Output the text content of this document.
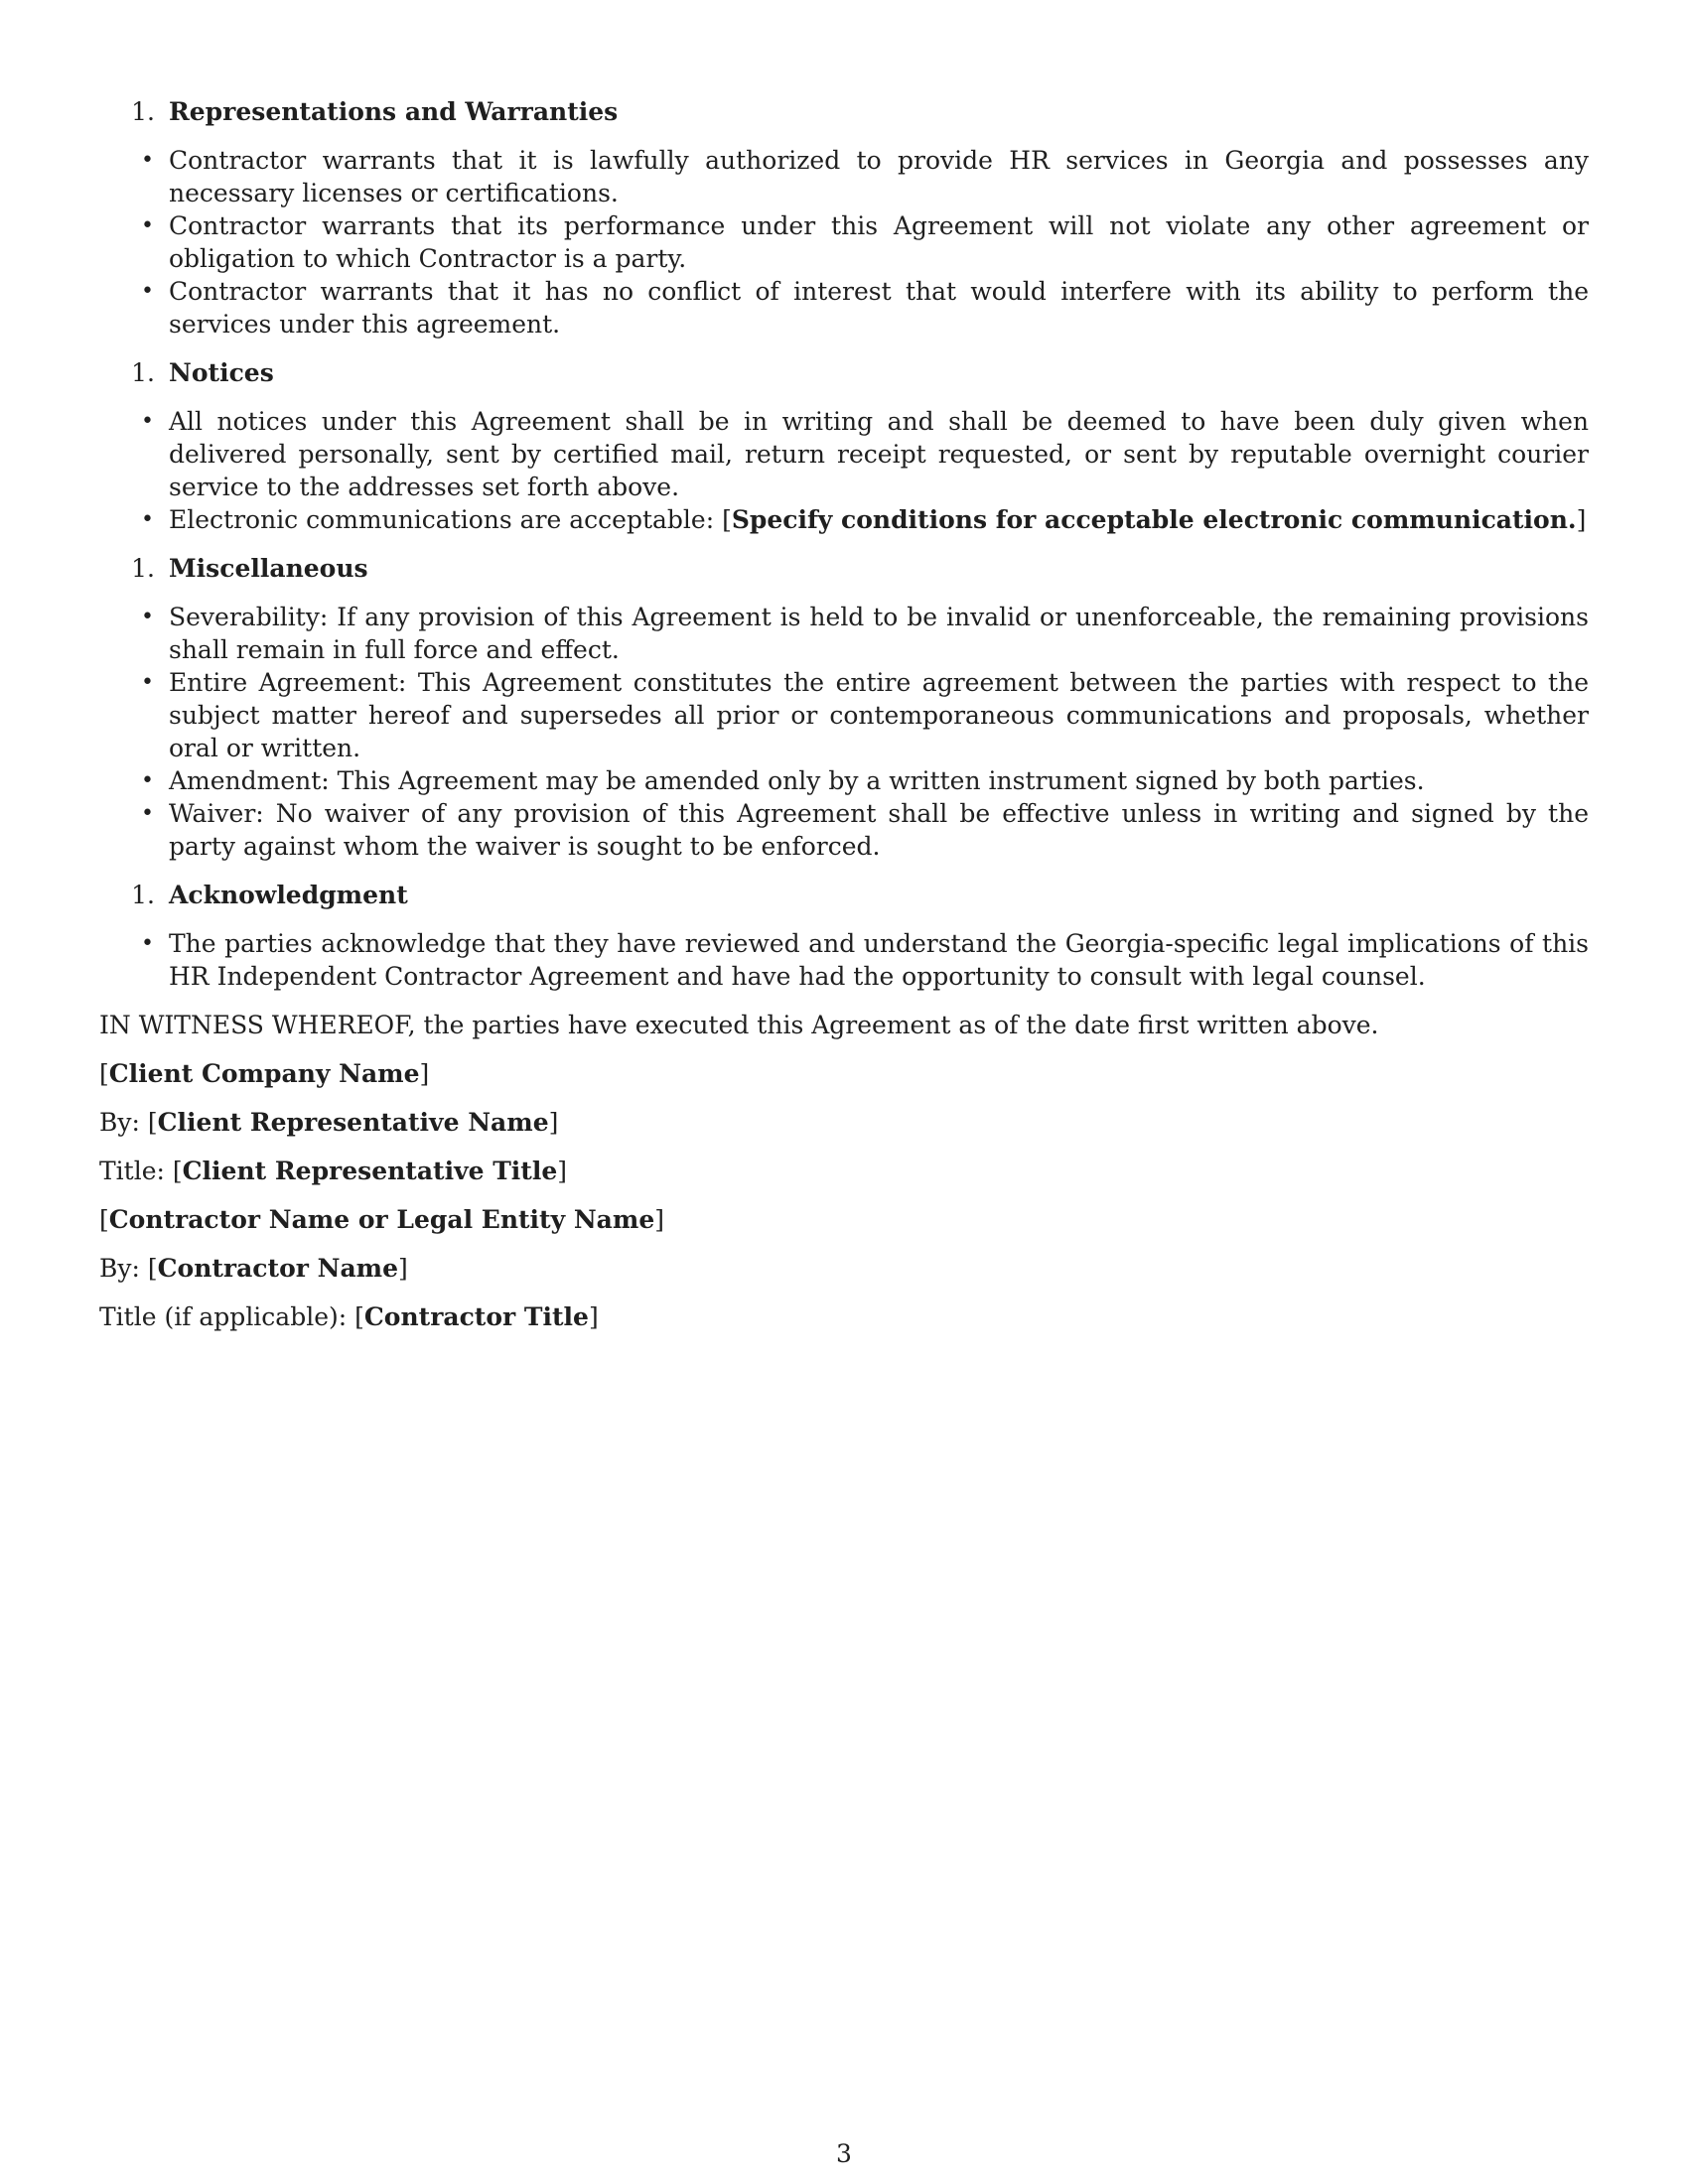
1. Representations and Warranties
• Contractor warrants that it is lawfully authorized to provide HR services in Georgia and possesses any necessary licenses or certifications.
• Contractor warrants that its performance under this Agreement will not violate any other agreement or obligation to which Contractor is a party.
• Contractor warrants that it has no conflict of interest that would interfere with its ability to perform the services under this agreement.
1. Notices
• All notices under this Agreement shall be in writing and shall be deemed to have been duly given when delivered personally, sent by certified mail, return receipt requested, or sent by reputable overnight courier service to the addresses set forth above.
• Electronic communications are acceptable: [Specify conditions for acceptable electronic communication.]
1. Miscellaneous
• Severability: If any provision of this Agreement is held to be invalid or unenforceable, the remaining provisions shall remain in full force and effect.
• Entire Agreement: This Agreement constitutes the entire agreement between the parties with respect to the subject matter hereof and supersedes all prior or contemporaneous communications and proposals, whether oral or written.
• Amendment: This Agreement may be amended only by a written instrument signed by both parties.
• Waiver: No waiver of any provision of this Agreement shall be effective unless in writing and signed by the party against whom the waiver is sought to be enforced.
1. Acknowledgment
• The parties acknowledge that they have reviewed and understand the Georgia-specific legal implications of this HR Independent Contractor Agreement and have had the opportunity to consult with legal counsel.

IN WITNESS WHEREOF, the parties have executed this Agreement as of the date first written above.

[Client Company Name]

By: [Client Representative Name]

Title: [Client Representative Title]

[Contractor Name or Legal Entity Name]

By: [Contractor Name]

Title (if applicable): [Contractor Title]

3
